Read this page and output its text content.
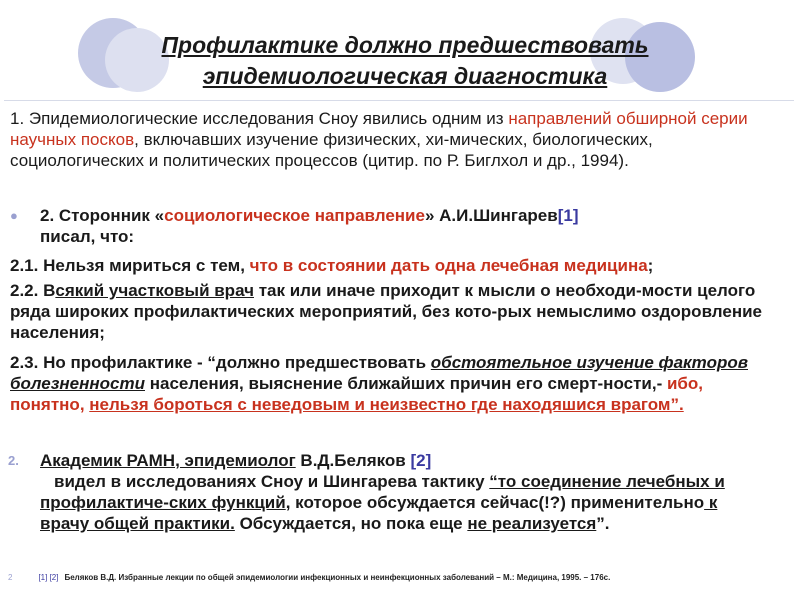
Профилактике должно предшествовать
эпидемиологическая диагностика
1. Эпидемиологические исследования Сноу явились одним из направлений обширной серии научных посков, включавших изучение физических, хи-мических, биологических, социологических и политических процессов (цитир. по Р. Биглхол и др., 1994).
● 2. Сторонник «социологическое направление» А.И.Шингарев[1]
писал, что:
2.1. Нельзя мириться с тем, что в состоянии дать одна лечебная медицина;
2.2. Всякий участковый врач так или иначе приходит к мысли о необходи-мости целого ряда широких профилактических мероприятий, без кото-рых немыслимо оздоровление населения;
2.3. Но профилактике - “должно предшествовать обстоятельное изучение факторов болезненности населения, выяснение ближайших причин его смерт-ности,- ибо, понятно, нельзя бороться с неведовым и неизвестно где находяшися врагом”.
2. Академик РАМН, эпидемиолог В.Д.Беляков [2]
видел в исследованиях Сноу и Шингарева тактику “то соединение лечебных и профилактиче-ских функций, которое обсуждается сейчас(!?) применительно к врачу общей практики. Обсуждается, но пока еще не реализуется”.
2	[1] [2] Беляков В.Д. Избранные лекции по общей эпидемиологии инфекционных и неинфекционных заболеваний – М.: Медицина, 1995. – 176с.
